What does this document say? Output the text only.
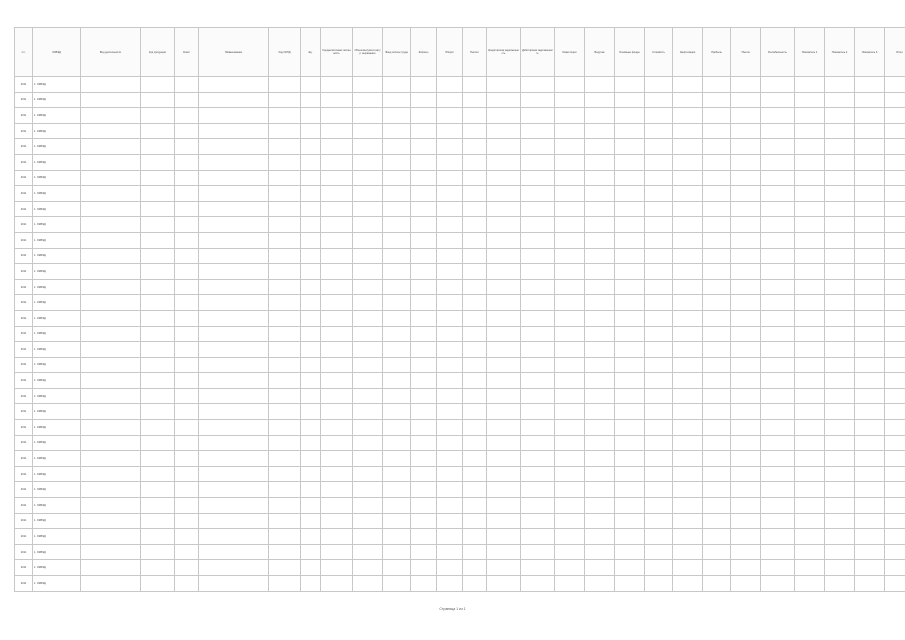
1 п.	ОКВЭД	Вид деятельности	Код продукции	Класс	Наименование	Код ОКПД	Ед.	Среднеписочная численность	Объем выпуска в натур. выражении	Фонд оплаты труда	Затраты	Оборот	Налоги	Кредиторская задолженность	Дебиторская задолженность	Инвестиции	Выручка	Основные фонды	Стоимость	Амортизация	Прибыль	Убыток	Рентабельность	Показатель 1	Показатель 2	Показатель 3	Итого
2011	1. ОКВЭД																										
2011	1. ОКВЭД																										
2011	1. ОКВЭД																										
2011	1. ОКВЭД																										
2011	1. ОКВЭД																										
2011	1. ОКВЭД																										
2011	1. ОКВЭД																										
2011	1. ОКВЭД																										
2011	1. ОКВЭД																										
2011	1. ОКВЭД																										
2011	1. ОКВЭД																										
2011	1. ОКВЭД																										
2011	1. ОКВЭД																										
2011	1. ОКВЭД																										
2011	1. ОКВЭД																										
2011	1. ОКВЭД																										
2011	1. ОКВЭД																										
2011	1. ОКВЭД																										
2011	1. ОКВЭД																										
2011	1. ОКВЭД																										
2011	1. ОКВЭД																										
2011	1. ОКВЭД																										
2011	1. ОКВЭД																										
2011	1. ОКВЭД																										
2011	1. ОКВЭД																										
2011	1. ОКВЭД																										
2011	1. ОКВЭД																										
2011	1. ОКВЭД																										
2011	1. ОКВЭД																										
2011	1. ОКВЭД																										
2011	1. ОКВЭД																										
2011	1. ОКВЭД																										
2011	1. ОКВЭД																										
Страница 1 из 1
